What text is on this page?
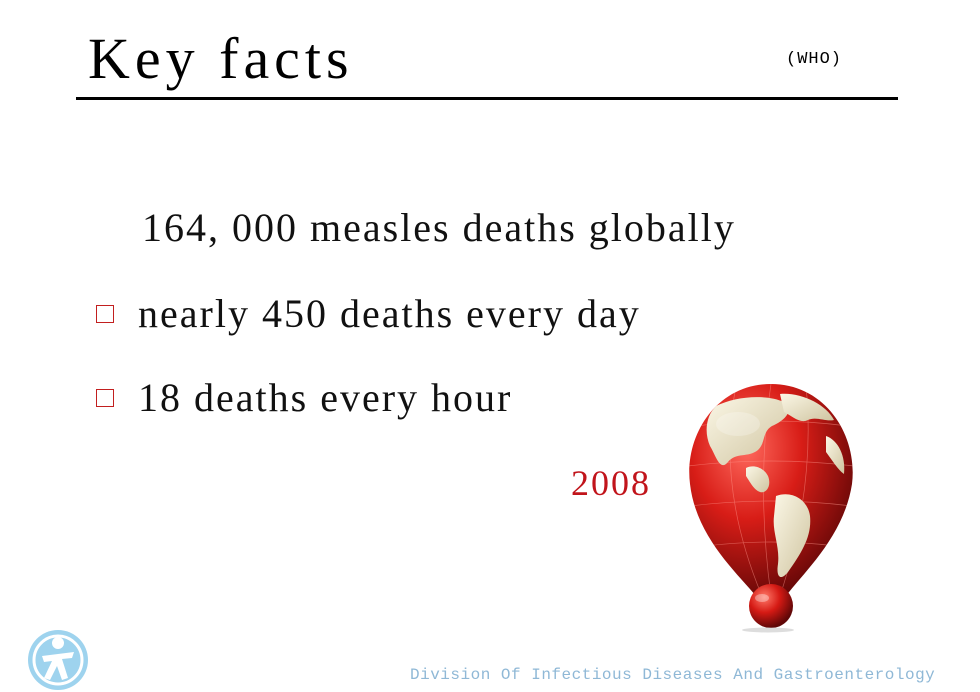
Key facts	(WHO)
164, 000 measles deaths globally
nearly 450 deaths every day
18 deaths every hour
2008
Division Of Infectious Diseases And Gastroenterology
